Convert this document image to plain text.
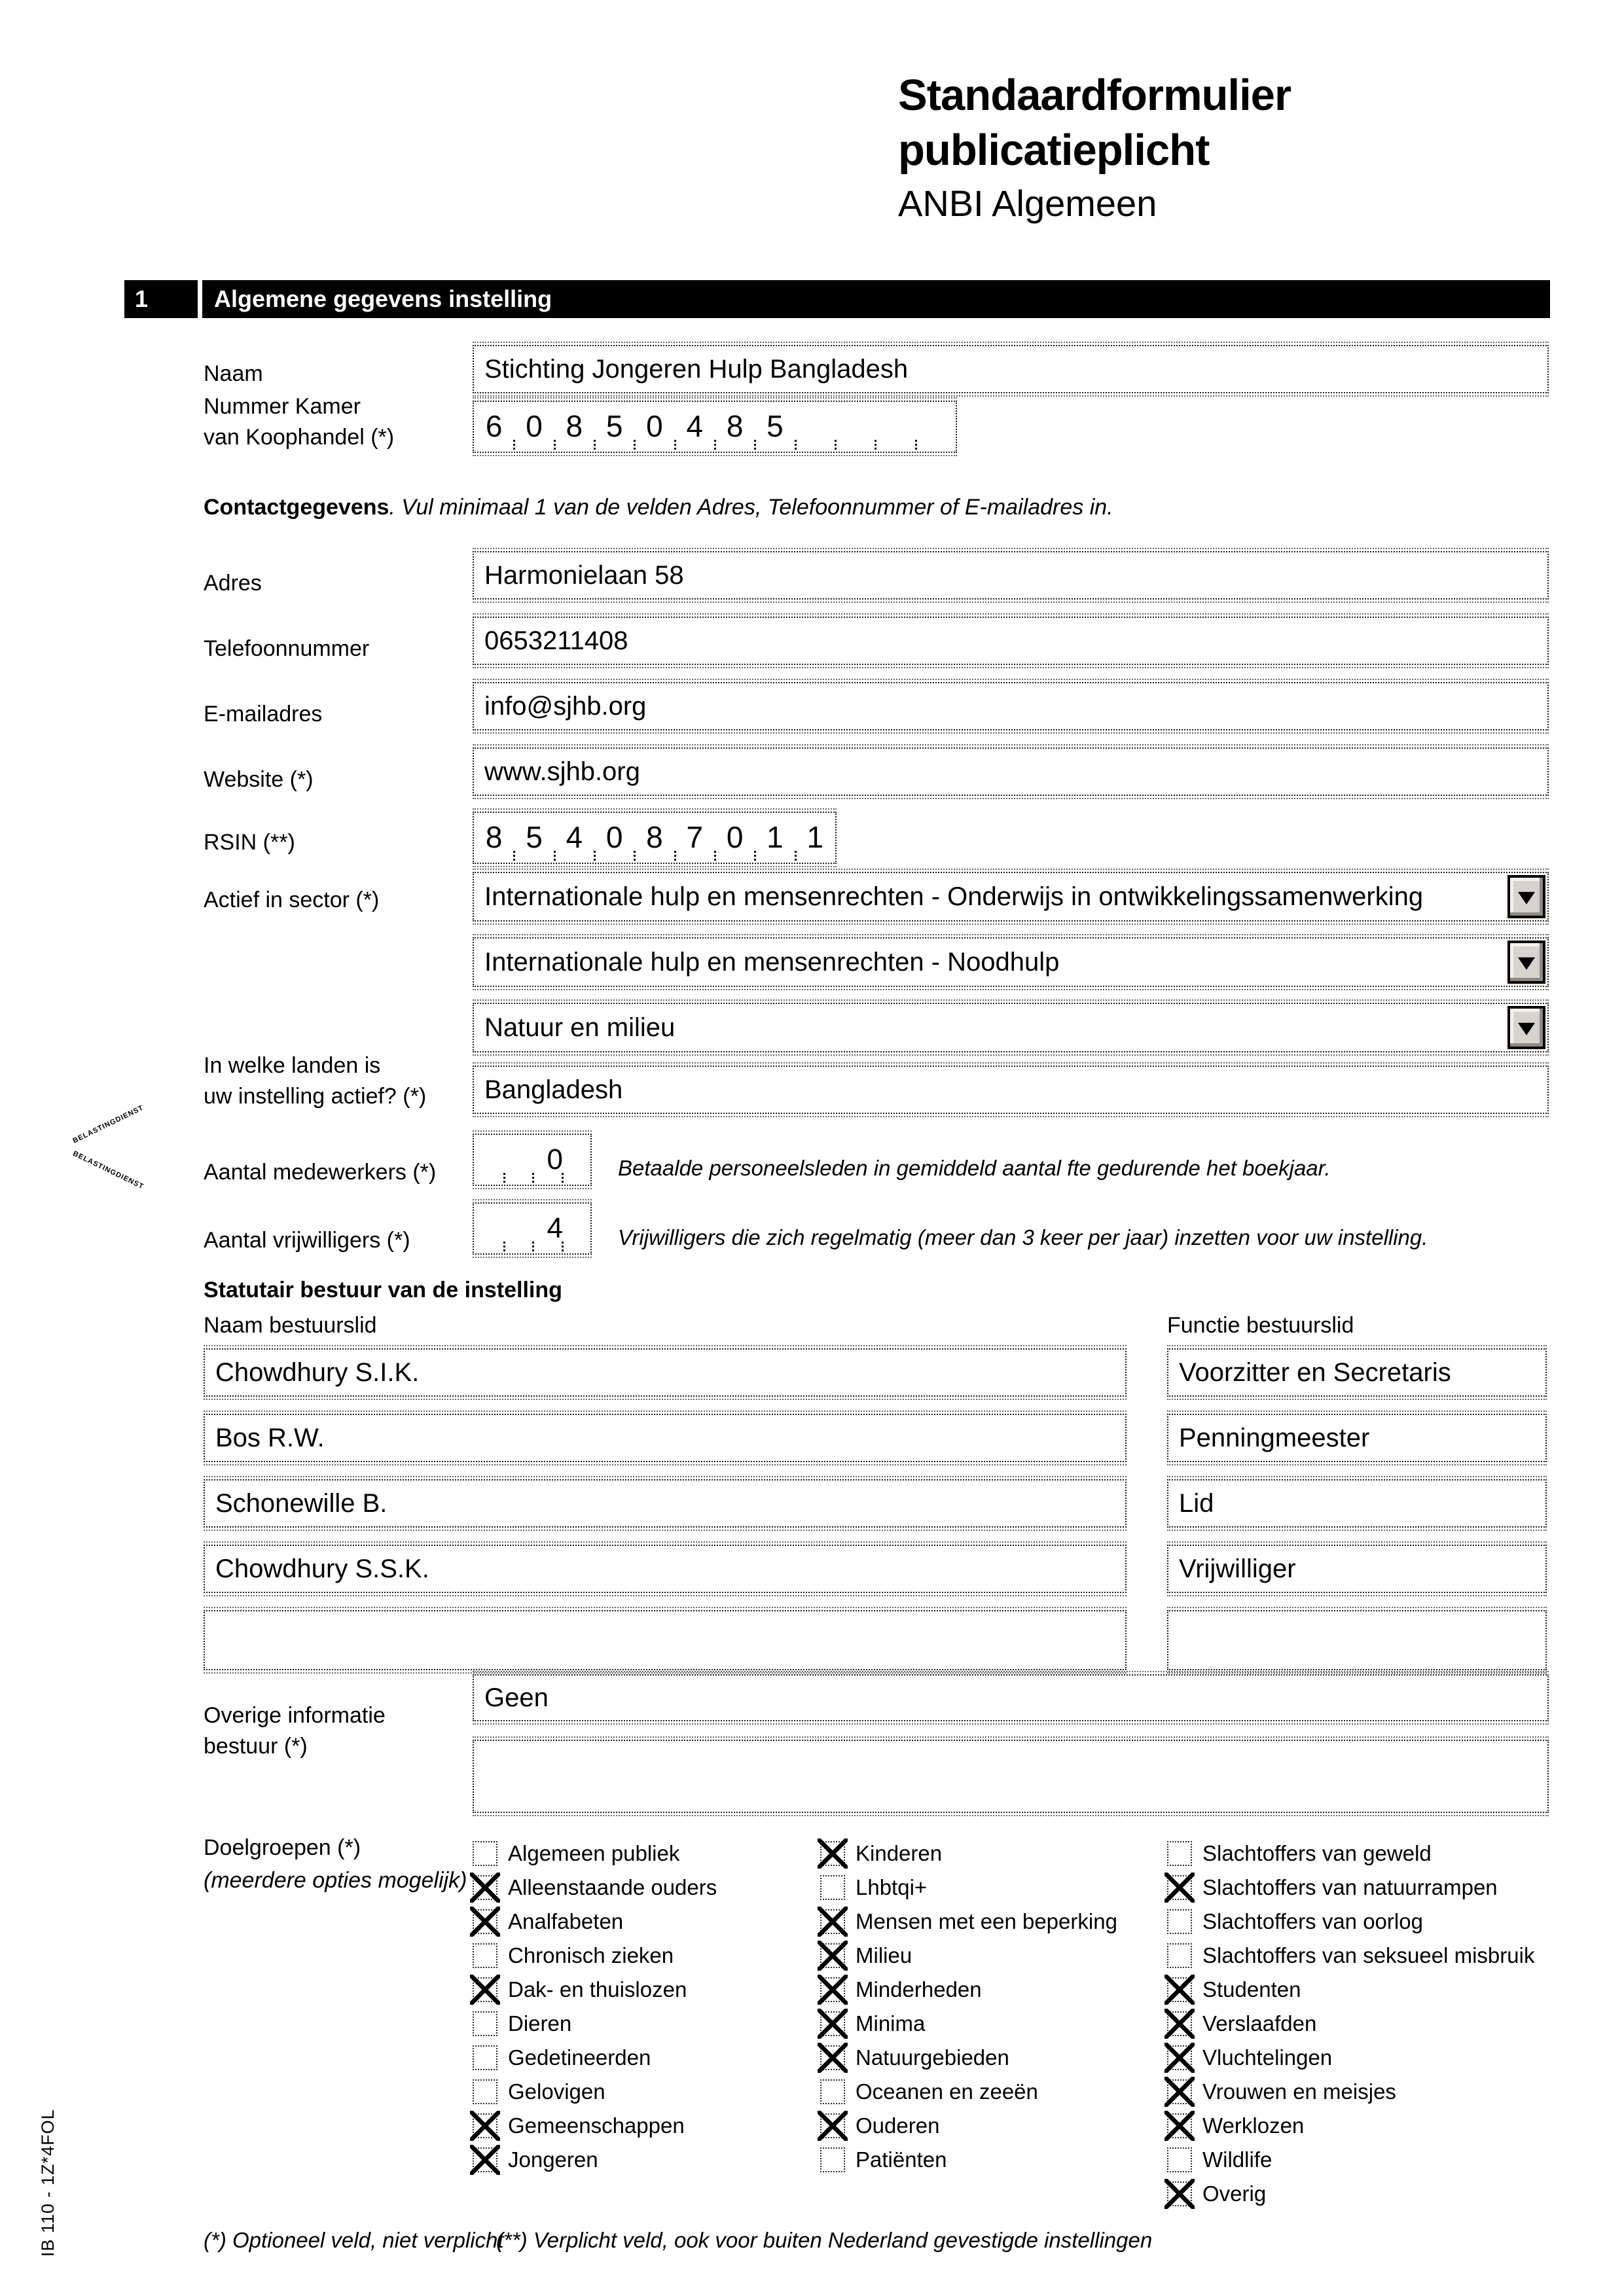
BELASTINGDIENST
BELASTINGDIENST
IB 110 - 1Z*4FOL
Standaardformulier
publicatieplicht
ANBI Algemeen
1	Algemene gegevens instelling
Naam	Stichting Jongeren Hulp Bangladesh
Nummer Kamer
van Koophandel (*)	6 0 8 5 0 4 8 5
Contactgegevens. Vul minimaal 1 van de velden Adres, Telefoonnummer of E-mailadres in.
Adres	Harmonielaan 58
Telefoonnummer	0653211408
E-mailadres	info@sjhb.org
Website (*)	www.sjhb.org
RSIN (**)	8 5 4 0 8 7 0 1 1
Actief in sector (*)	Internationale hulp en mensenrechten - Onderwijs in ontwikkelingssamenwerking
Internationale hulp en mensenrechten - Noodhulp
Natuur en milieu
In welke landen is
uw instelling actief? (*) Bangladesh
Aantal medewerkers (*)	0	Betaalde personeelsleden in gemiddeld aantal fte gedurende het boekjaar.
Aantal vrijwilligers (*)	4	Vrijwilligers die zich regelmatig (meer dan 3 keer per jaar) inzetten voor uw instelling.
Statutair bestuur van de instelling
Naam bestuurslid	Functie bestuurslid
Chowdhury S.I.K.	Voorzitter en Secretaris
Bos R.W.	Penningmeester
Schonewille B.	Lid
Chowdhury S.S.K.	Vrijwilliger
Overige informatie
bestuur (*)
Geen
Doelgroepen (*)
(meerdere opties mogelijk)
Algemeen publiek
Alleenstaande ouders
Analfabeten
Chronisch zieken
Dak- en thuislozen
Dieren
Gedetineerden
Gelovigen
Gemeenschappen
Jongeren
Kinderen
Lhbtqi+
Mensen met een beperking
Milieu
Minderheden
Minima
Natuurgebieden
Oceanen en zeeën
Ouderen
Patiënten
Slachtoffers van geweld
Slachtoffers van natuurrampen
Slachtoffers van oorlog
Slachtoffers van seksueel misbruik
Studenten
Verslaafden
Vluchtelingen
Vrouwen en meisjes
Werklozen
Wildlife
Overig
(*) Optioneel veld, niet verplicht
(**) Verplicht veld, ook voor buiten Nederland gevestigde instellingen
